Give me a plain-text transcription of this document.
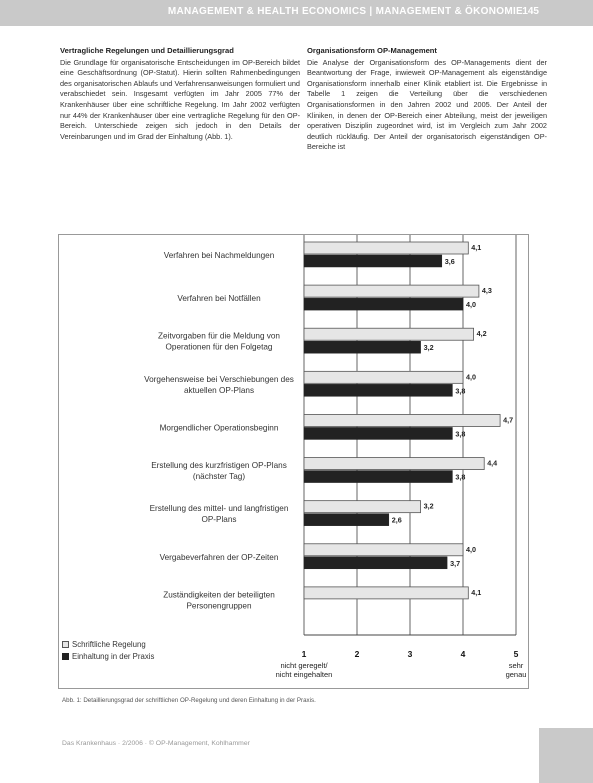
MANAGEMENT & HEALTH ECONOMICS | MANAGEMENT & ÖKONOMIE 145
Vertragliche Regelungen und Detaillierungsgrad

Die Grundlage für organisatorische Entscheidungen im OP-Bereich bildet eine Geschäftsordnung (OP-Statut). Hierin sollten Rahmenbedingungen des organisatorischen Ablaufs und Verfahrensanweisungen formuliert und verabschiedet sein. Insgesamt verfügten im Jahr 2005 77% der Krankenhäuser über eine schriftliche Regelung. Im Jahr 2002 verfügten nur 44% der Krankenhäuser über eine vertragliche Regelung für den OP-Bereich. Unterschiede zeigen sich jedoch in den Details der Vereinbarungen und im Grad der Einhaltung (Abb. 1).

Organisationsform OP-Management

Die Analyse der Organisationsform des OP-Managements dient der Beantwortung der Frage, inwieweit OP-Management als eigenständige Organisationsform innerhalb einer Klinik etabliert ist. Die Ergebnisse in Tabelle 1 zeigen die Verteilung über die verschiedenen Organisationsformen in den Jahren 2002 und 2005. Der Anteil der Kliniken, in denen der OP-Bereich einer Abteilung, meist der jeweiligen operativen Disziplin zugeordnet wird, ist im Vergleich zum Jahr 2002 deutlich rückläufig. Der Anteil der organisatorisch eigenständigen OP-Bereiche ist

1	2	3	4	5
nicht geregelt/
nicht eingehalten
sehr
genau
Verfahren bei Nachmeldungen
4,1
3,6
Verfahren bei Notfällen
4,3
4,0
Zeitvorgaben für die Meldung von
Operationen für den Folgetag
4,2
3,2
Vorgehensweise bei Verschiebungen des
aktuellen OP-Plans
4,0
3,8
Morgendlicher Operationsbeginn
4,7
3,8
Erstellung des kurzfristigen OP-Plans
(nächster Tag)
4,4
3,8
Erstellung des mittel- und langfristigen
OP-Plans
3,2
2,6
Vergabeverfahren der OP-Zeiten
4,0
3,7
Zuständigkeiten der beteiligten
Personengruppen
4,1
Schriftliche Regelung
Einhaltung in der Praxis
Abb. 1: Detaillierungsgrad der schriftlichen OP-Regelung und deren Einhaltung in der Praxis.
Das Krankenhaus · 2/2006 · © OP-Management, Kohlhammer
